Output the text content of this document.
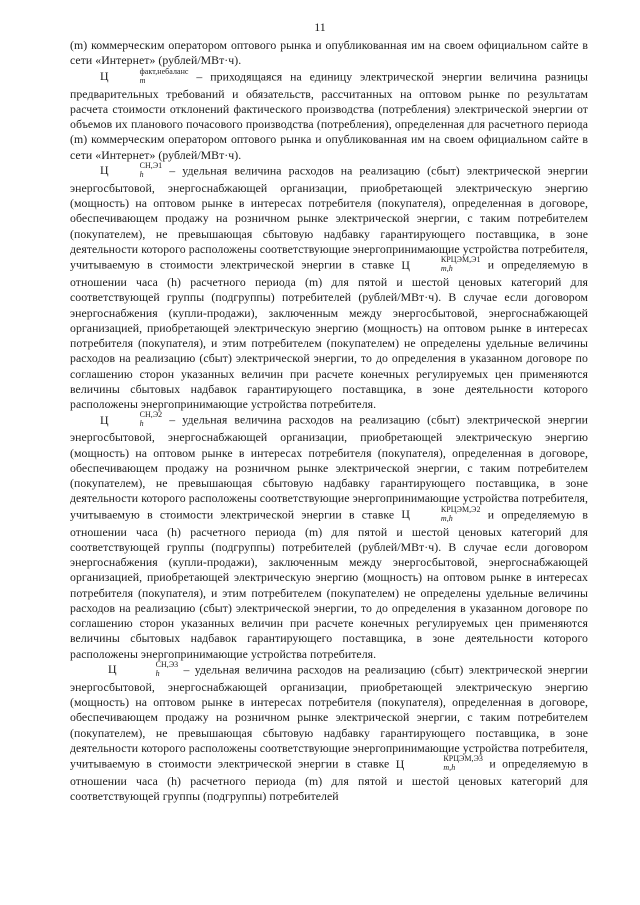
11

(m) коммерческим оператором оптового рынка и опубликованная им на своем официальном сайте в сети «Интернет» (рублей/МВт·ч).

Ц	факт,небаланс
m	– приходящаяся на единицу электрической энергии величина разницы предварительных требований и обязательств, рассчитанных на оптовом рынке по результатам расчета стоимости отклонений фактического производства (потребления) электрической энергии от объемов их планового почасового производства (потребления), определенная для расчетного периода (m) коммерческим оператором оптового рынка и опубликованная им на своем официальном сайте в сети «Интернет» (рублей/МВт·ч).

Ц	СН,Э1
h	– удельная величина расходов на реализацию (сбыт) электрической энергии энергосбытовой, энергоснабжающей организации, приобретающей электрическую энергию (мощность) на оптовом рынке в интересах потребителя (покупателя), определенная в договоре, обеспечивающем продажу на розничном рынке электрической энергии, с таким потребителем (покупателем), не превышающая сбытовую надбавку гарантирующего поставщика, в зоне деятельности которого расположены соответствующие энергопринимающие устройства потребителя, учитываемую в стоимости электрической энергии в ставке Ц	КРЦЭМ,Э1
m,h	и определяемую в отношении часа (h) расчетного периода (m) для пятой и шестой ценовых категорий для соответствующей группы (подгруппы) потребителей (рублей/МВт·ч). В случае если договором энергоснабжения (купли-продажи), заключенным между энергосбытовой, энергоснабжающей организацией, приобретающей электрическую энергию (мощность) на оптовом рынке в интересах потребителя (покупателя), и этим потребителем (покупателем) не определены удельные величины расходов на реализацию (сбыт) электрической энергии, то до определения в указанном договоре по соглашению сторон указанных величин при расчете конечных регулируемых цен применяются величины сбытовых надбавок гарантирующего поставщика, в зоне деятельности которого расположены энергопринимающие устройства потребителя.

Ц	СН,Э2
h	– удельная величина расходов на реализацию (сбыт) электрической энергии энергосбытовой, энергоснабжающей организации, приобретающей электрическую энергию (мощность) на оптовом рынке в интересах потребителя (покупателя), определенная в договоре, обеспечивающем продажу на розничном рынке электрической энергии, с таким потребителем (покупателем), не превышающая сбытовую надбавку гарантирующего поставщика, в зоне деятельности которого расположены соответствующие энергопринимающие устройства потребителя, учитываемую в стоимости электрической энергии в ставке Ц	КРЦЭМ,Э2
m,h	и определяемую в отношении часа (h) расчетного периода (m) для пятой и шестой ценовых категорий для соответствующей группы (подгруппы) потребителей (рублей/МВт·ч). В случае если договором энергоснабжения (купли-продажи), заключенным между энергосбытовой, энергоснабжающей организацией, приобретающей электрическую энергию (мощность) на оптовом рынке в интересах потребителя (покупателя), и этим потребителем (покупателем) не определены удельные величины расходов на реализацию (сбыт) электрической энергии, то до определения в указанном договоре по соглашению сторон указанных величин при расчете конечных регулируемых цен применяются величины сбытовых надбавок гарантирующего поставщика, в зоне деятельности которого расположены энергопринимающие устройства потребителя.

Ц	СН,Э3
h	– удельная величина расходов на реализацию (сбыт) электрической энергии энергосбытовой, энергоснабжающей организации, приобретающей электрическую энергию (мощность) на оптовом рынке в интересах потребителя (покупателя), определенная в договоре, обеспечивающем продажу на розничном рынке электрической энергии, с таким потребителем (покупателем), не превышающая сбытовую надбавку гарантирующего поставщика, в зоне деятельности которого расположены соответствующие энергопринимающие устройства потребителя, учитываемую в стоимости электрической энергии в ставке Ц	КРЦЭМ,Э3
m,h	и определяемую в отношении часа (h) расчетного периода (m) для пятой и шестой ценовых категорий для соответствующей группы (подгруппы) потребителей
